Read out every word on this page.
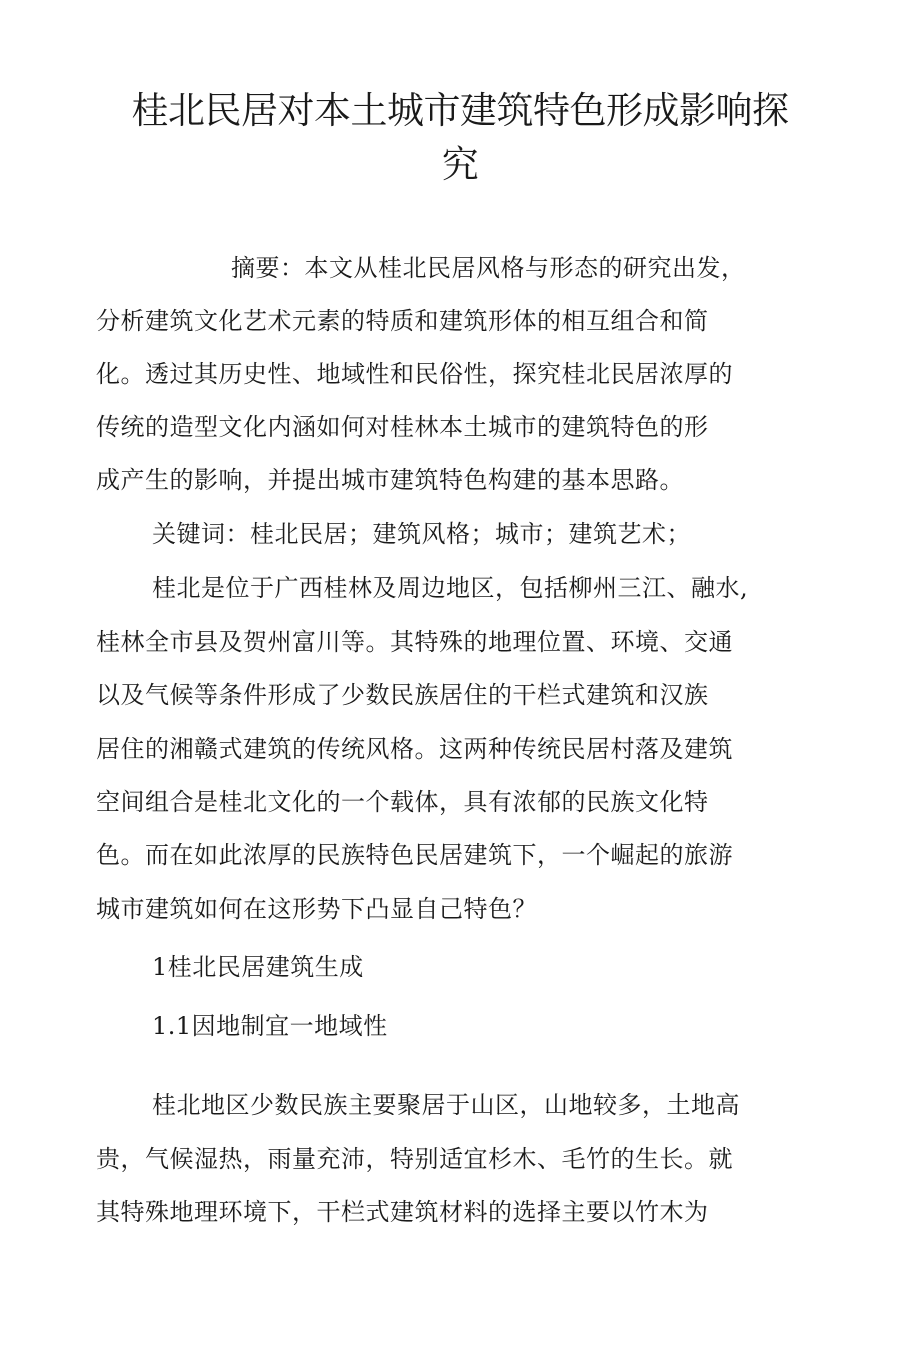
桂北民居对本土城市建筑特色形成影响探
究
摘要：本文从桂北民居风格与形态的研究出发，
分析建筑文化艺术元素的特质和建筑形体的相互组合和简
化。透过其历史性、地域性和民俗性，探究桂北民居浓厚的
传统的造型文化内涵如何对桂林本土城市的建筑特色的形
成产生的影响，并提出城市建筑特色构建的基本思路。
关键词：桂北民居；建筑风格；城市；建筑艺术；
桂北是位于广西桂林及周边地区，包括柳州三江、融水,
桂林全市县及贺州富川等。其特殊的地理位置、环境、交通
以及气候等条件形成了少数民族居住的干栏式建筑和汉族
居住的湘赣式建筑的传统风格。这两种传统民居村落及建筑
空间组合是桂北文化的一个载体，具有浓郁的民族文化特
色。而在如此浓厚的民族特色民居建筑下，一个崛起的旅游
城市建筑如何在这形势下凸显自己特色？
1桂北民居建筑生成
1.1因地制宜一地域性
桂北地区少数民族主要聚居于山区，山地较多，土地高
贵，气候湿热，雨量充沛，特别适宜杉木、毛竹的生长。就
其特殊地理环境下，干栏式建筑材料的选择主要以竹木为
